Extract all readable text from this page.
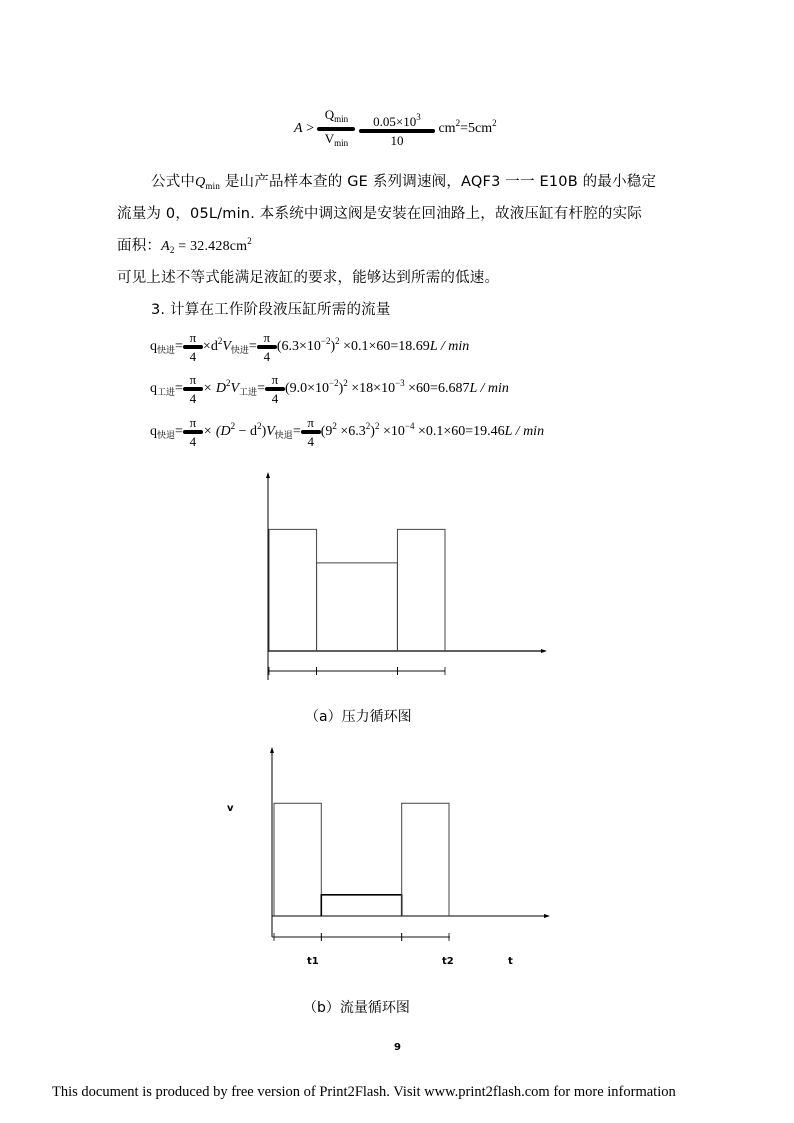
$A > \frac{Q_{min}}{V_{min}}$
$\frac{0.05\times 10^3}{10} cm^2=5cm^2$
公式中$Q_{min}$ 是山产品样本查的 GE 系列调速阀，AQF3 一一 E10B 的最小稳定
流量为 0，05L/min. 本系统中调这阀是安装在回油路上，故液压缸有杆腔的实际
面积：$A_2 = 32.428cm^2$
可见上述不等式能满足液缸的要求，能够达到所需的低速。
3. 计算在工作阶段液压缸所需的流量
$q_{快进}= \frac{\pi}{4} \times d^2V_{快进}= \frac{\pi}{4} (6.3\times 10^{-2})^2 \times 0.1\times 60=18.69L / \min$
$q_{工进}= \frac{\pi}{4} \times D^2V_{工进}= \frac{\pi}{4} (9.0\times 10^{-2})^2 \times 18\times 10^{-3} \times 60=6.687L / \min$
$q_{快退}= \frac{\pi}{4} \times (D^2 - d^2)V_{快退}= \frac{\pi}{4} (9^2 \times 6.3^2)^2 \times 10^{-4} \times 0.1\times 60=19.46L / \min$
（a）压力循环图
v
t1	t2	t
（b）流量循环图
9
This document is produced by free version of Print2Flash. Visit www.print2flash.com for more information
